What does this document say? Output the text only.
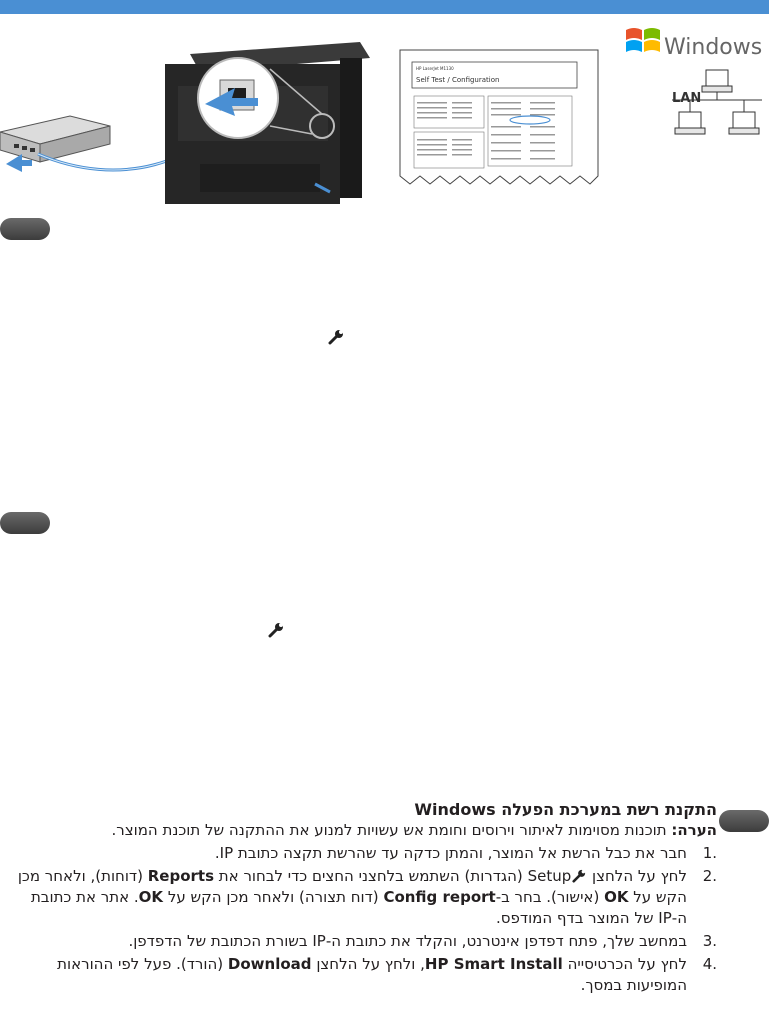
HP LaserJet M1130
Self Test / Configuration
Windows
LAN

התקנת רשת במערכת הפעלה Windows

הערה: תוכנות מסוימות לאיתור וירוסים וחומת אש עשויות למנוע את ההתקנה של תוכנת המוצר.

1.
חבר את כבל הרשת אל המוצר, והמתן כדקה עד שהרשת תקצה כתובת IP.
2.
לחץ על הלחצן Setup (הגדרות) השתמש בלחצני החצים כדי לבחור את Reports (דוחות), ולאחר מכן הקש על OK (אישור). בחר ב-Config report (דוח תצורה) ולאחר מכן הקש על OK. אתר את כתובת ה-IP של המוצר בדף המודפס.
3.
במחשב שלך, פתח דפדפן אינטרנט, והקלד את כתובת ה-IP בשורת הכתובת של הדפדפן.
4.
לחץ על הכרטיסייה HP Smart Install, ולחץ על הלחצן Download (הורד). פעל לפי ההוראות המופיעות במסך.
